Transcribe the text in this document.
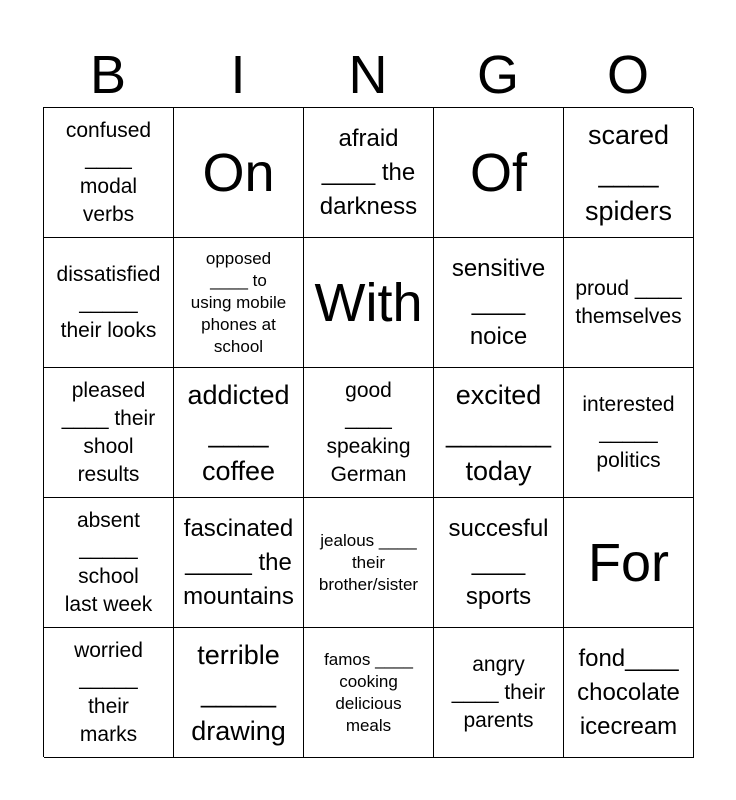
B	I	N	G	O
confused
____
modal
verbs
On
afraid
____ the
darkness
Of
scared
____
spiders
dissatisfied
_____
their looks
opposed
____ to
using mobile
phones at
school
With
sensitive
____
noice
proud ____
themselves
pleased
____ their
shool
results
addicted
____
coffee
good
____
speaking
German
excited
_______
today
interested
_____
politics
absent
_____
school
last week
fascinated
_____ the
mountains
jealous ____
their
brother/sister
succesful
____
sports
For
worried
_____
their
marks
terrible
_____
drawing
famos ____
cooking
delicious
meals
angry
____ their
parents
fond____
chocolate
icecream
